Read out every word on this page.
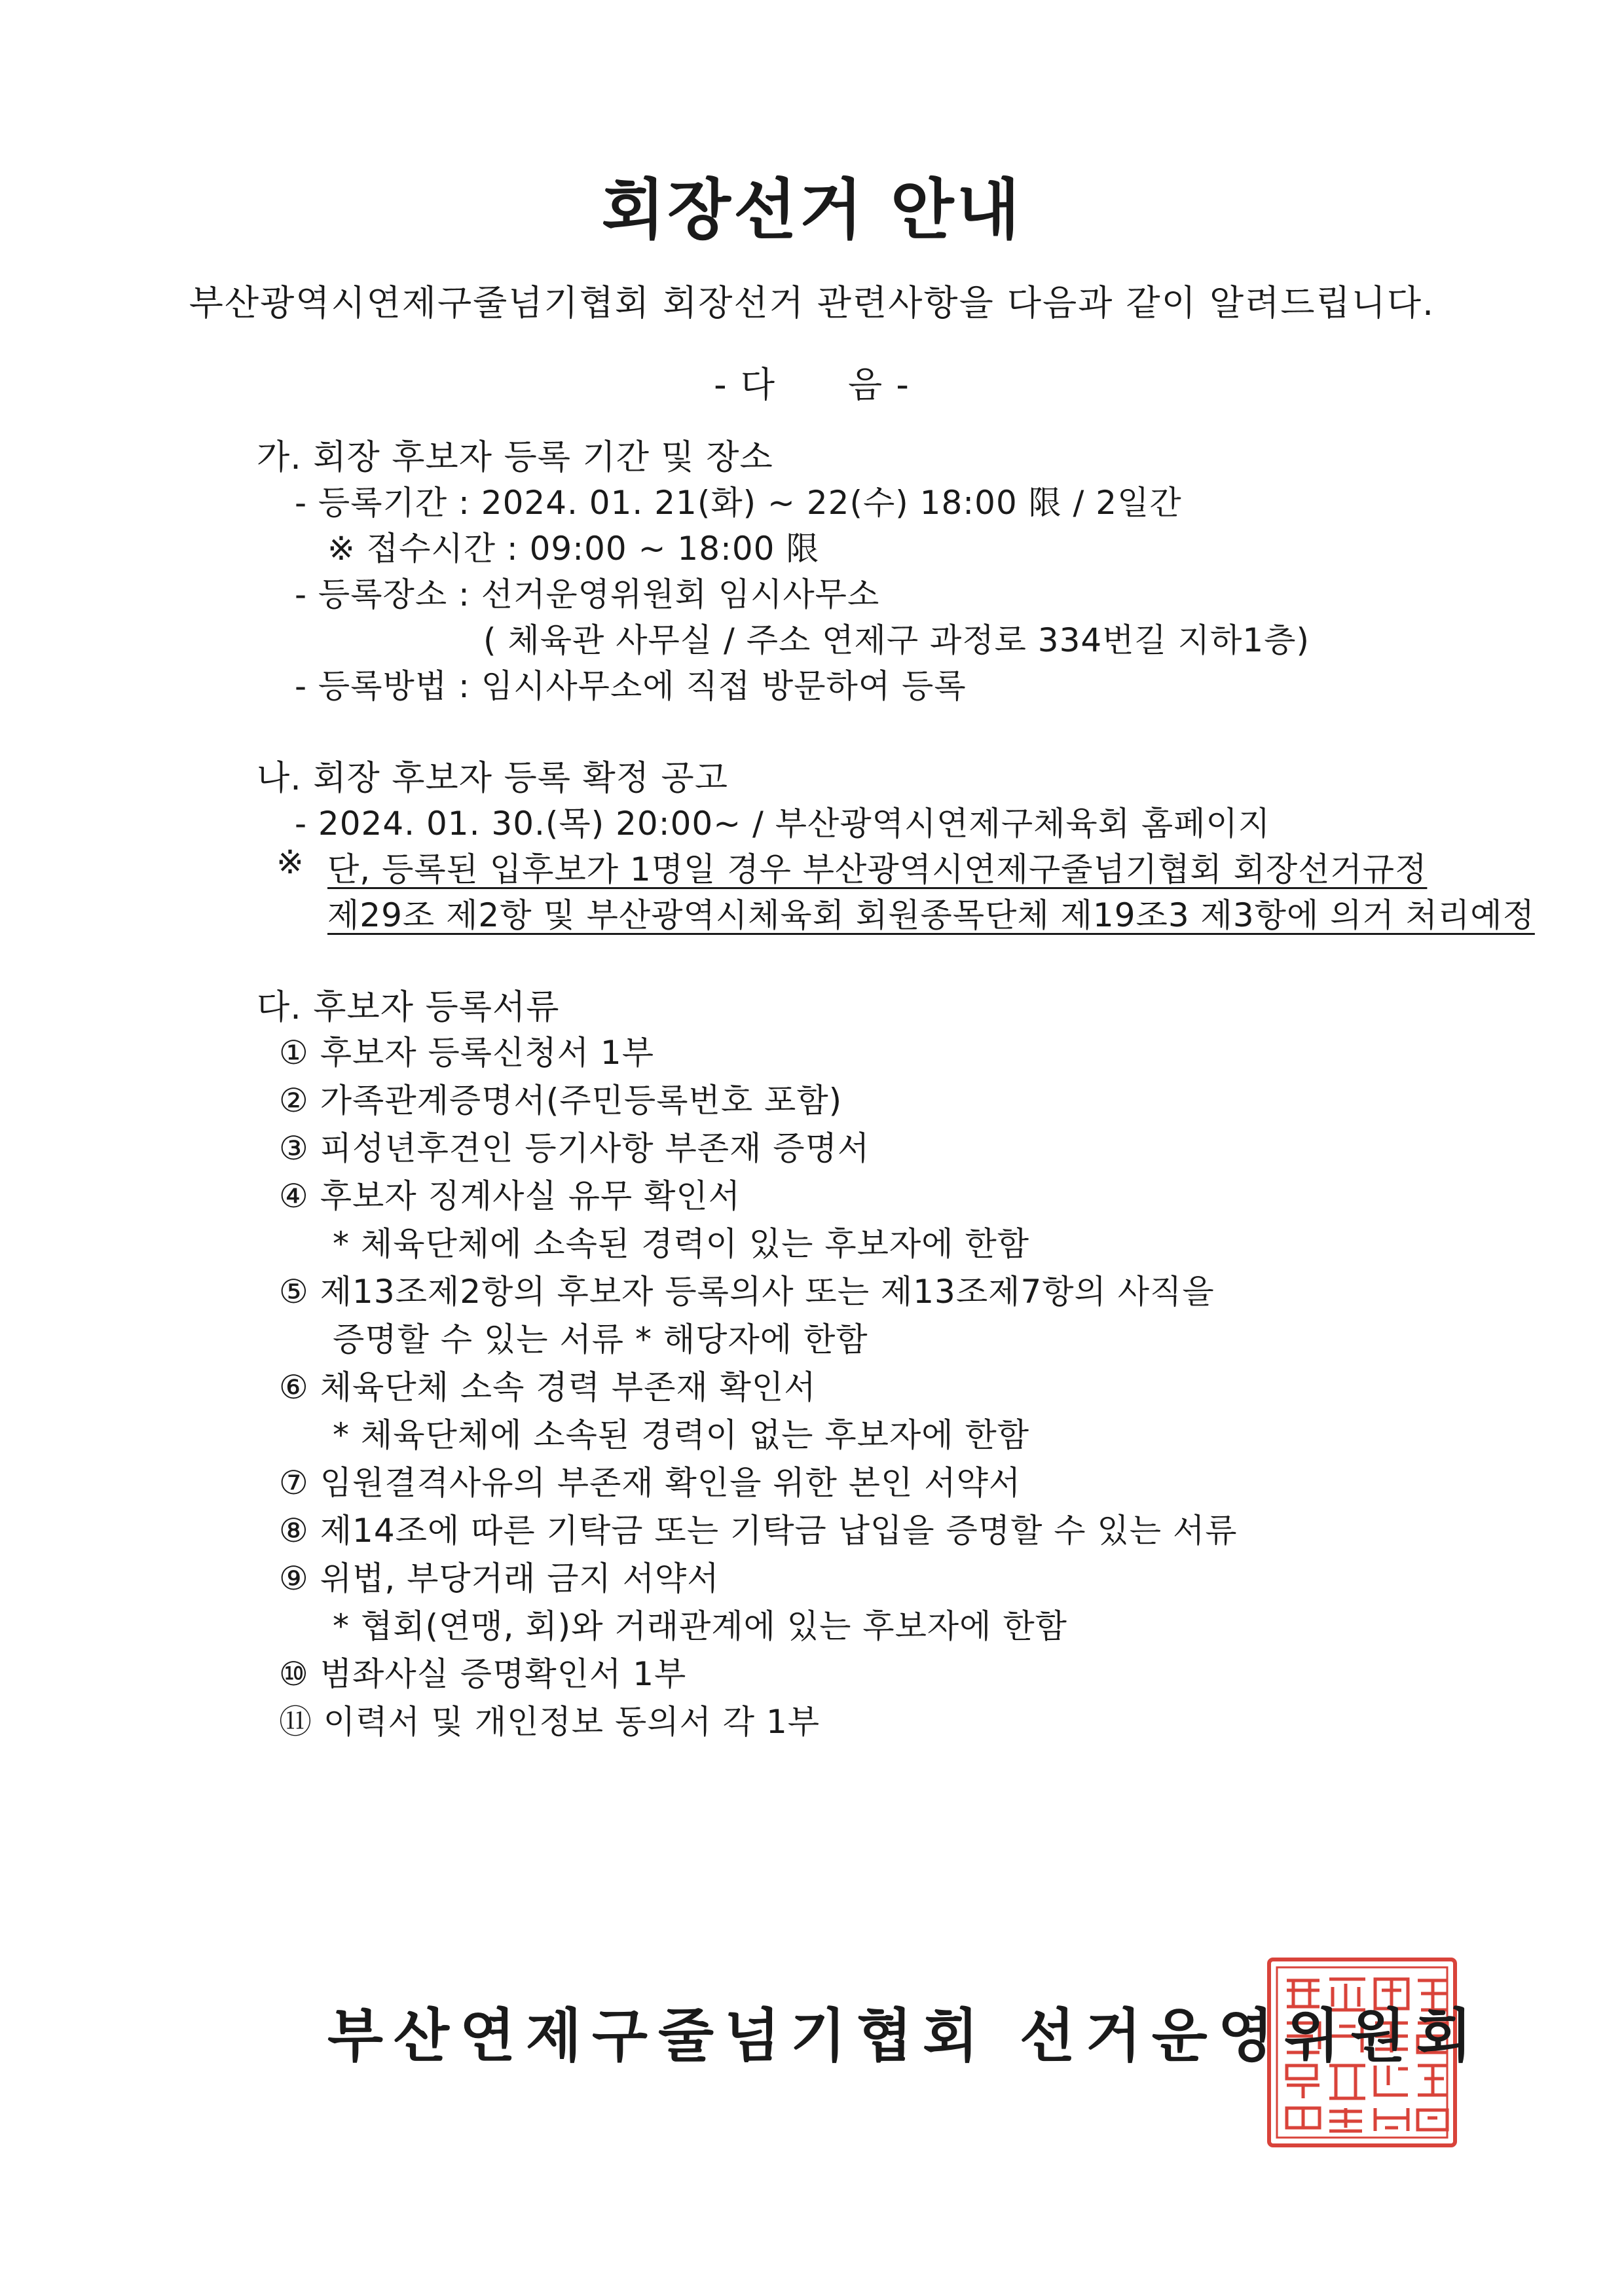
회장선거 안내
부산광역시연제구줄넘기협회 회장선거 관련사항을 다음과 같이 알려드립니다.
- 다 음 -
가. 회장 후보자 등록 기간 및 장소
- 등록기간 : 2024. 01. 21(화) ~ 22(수) 18:00 限 / 2일간
※ 접수시간 : 09:00 ~ 18:00 限
- 등록장소 : 선거운영위원회 임시사무소
( 체육관 사무실 / 주소 연제구 과정로 334번길 지하1층)
- 등록방법 : 임시사무소에 직접 방문하여 등록
나. 회장 후보자 등록 확정 공고
- 2024. 01. 30.(목) 20:00~ / 부산광역시연제구체육회 홈페이지
※ 단, 등록된 입후보가 1명일 경우 부산광역시연제구줄넘기협회 회장선거규정
제29조 제2항 및 부산광역시체육회 회원종목단체 제19조3 제3항에 의거 처리예정
다. 후보자 등록서류
① 후보자 등록신청서 1부
② 가족관계증명서(주민등록번호 포함)
③ 피성년후견인 등기사항 부존재 증명서
④ 후보자 징계사실 유무 확인서
* 체육단체에 소속된 경력이 있는 후보자에 한함
⑤ 제13조제2항의 후보자 등록의사 또는 제13조제7항의 사직을
증명할 수 있는 서류 * 해당자에 한함
⑥ 체육단체 소속 경력 부존재 확인서
* 체육단체에 소속된 경력이 없는 후보자에 한함
⑦ 임원결격사유의 부존재 확인을 위한 본인 서약서
⑧ 제14조에 따른 기탁금 또는 기탁금 납입을 증명할 수 있는 서류
⑨ 위법, 부당거래 금지 서약서
* 협회(연맹, 회)와 거래관계에 있는 후보자에 한함
⑩ 범좌사실 증명확인서 1부
⑪ 이력서 및 개인정보 동의서 각 1부
부산연제구줄넘기협회 선거운영위원회
